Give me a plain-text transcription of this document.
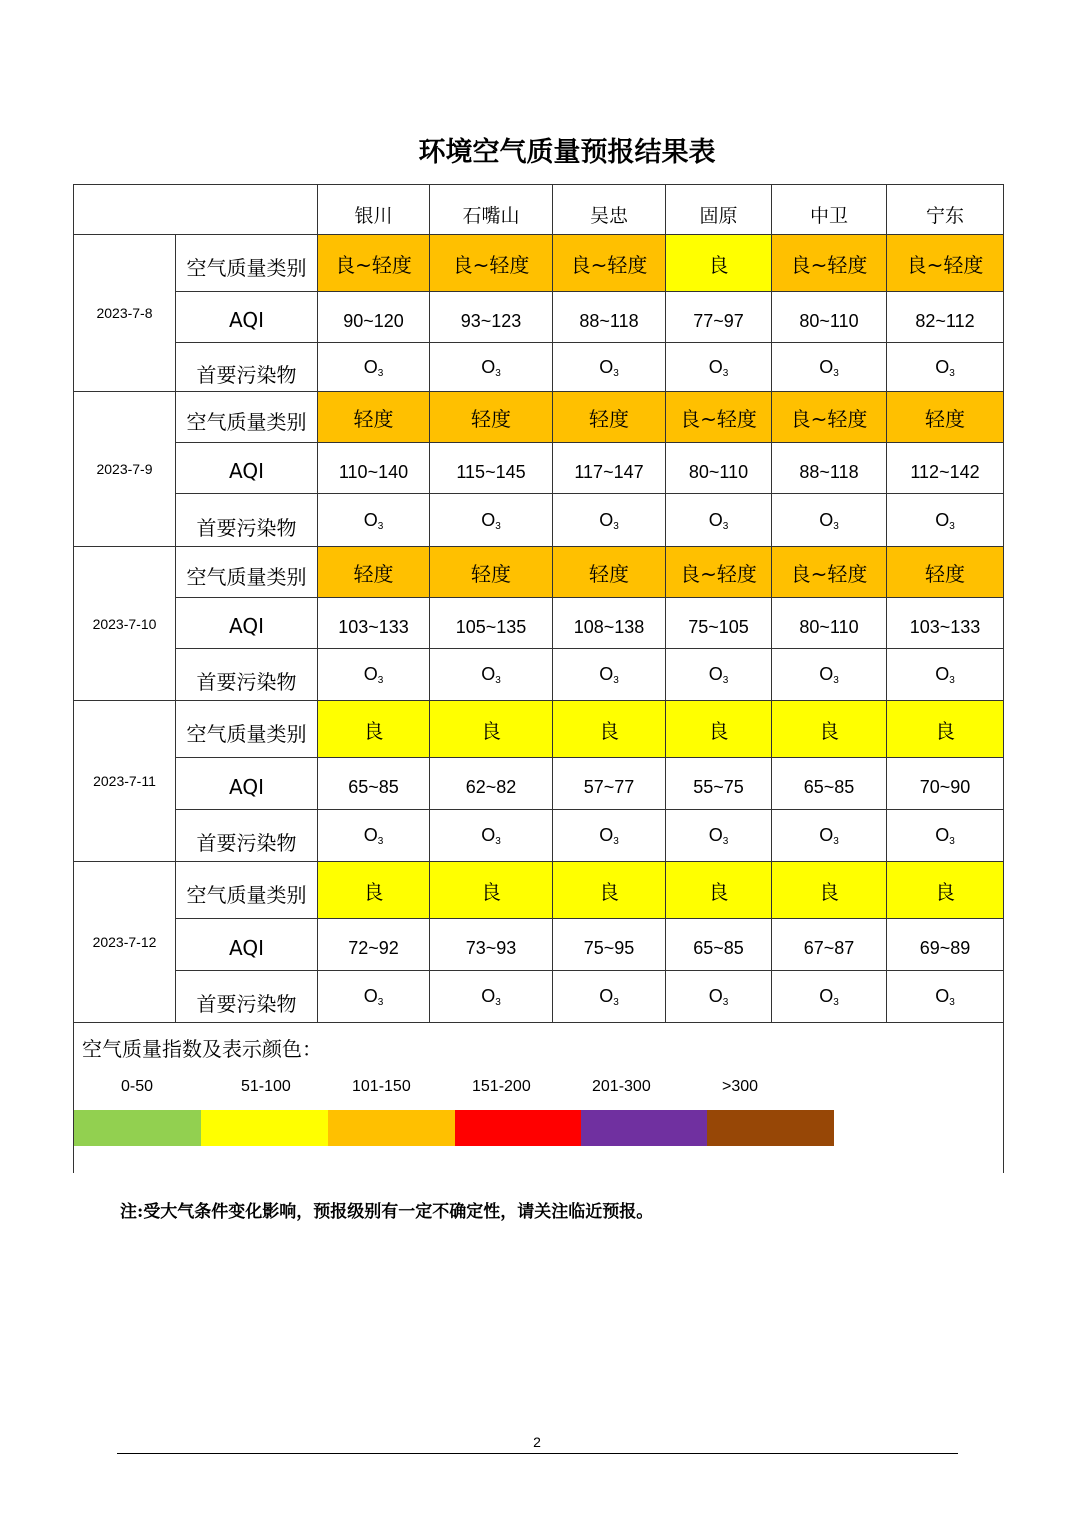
环境空气质量预报结果表
		银川	石嘴山	吴忠	固原	中卫	宁东
2023-7-8	空气质量类别	良~轻度	良~轻度	良~轻度	良	良~轻度	良~轻度
	AQI	90~120	93~123	88~118	77~97	80~110	82~112
	首要污染物	$O_3$	$O_3$	$O_3$	$O_3$	$O_3$	$O_3$
2023-7-9	空气质量类别	轻度	轻度	轻度	良~轻度	良~轻度	轻度
	AQI	110~140	115~145	117~147	80~110	88~118	112~142
	首要污染物	$O_3$	$O_3$	$O_3$	$O_3$	$O_3$	$O_3$
2023-7-10	空气质量类别	轻度	轻度	轻度	良~轻度	良~轻度	轻度
	AQI	103~133	105~135	108~138	75~105	80~110	103~133
	首要污染物	$O_3$	$O_3$	$O_3$	$O_3$	$O_3$	$O_3$
2023-7-11	空气质量类别	良	良	良	良	良	良
	AQI	65~85	62~82	57~77	55~75	65~85	70~90
	首要污染物	$O_3$	$O_3$	$O_3$	$O_3$	$O_3$	$O_3$
2023-7-12	空气质量类别	良	良	良	良	良	良
	AQI	72~92	73~93	75~95	65~85	67~87	69~89
	首要污染物	$O_3$	$O_3$	$O_3$	$O_3$	$O_3$	$O_3$
空气质量指数及表示颜色：
0-50	51-100	101-150	151-200	201-300	>300
注:受大气条件变化影响，预报级别有一定不确定性，请关注临近预报。
2
